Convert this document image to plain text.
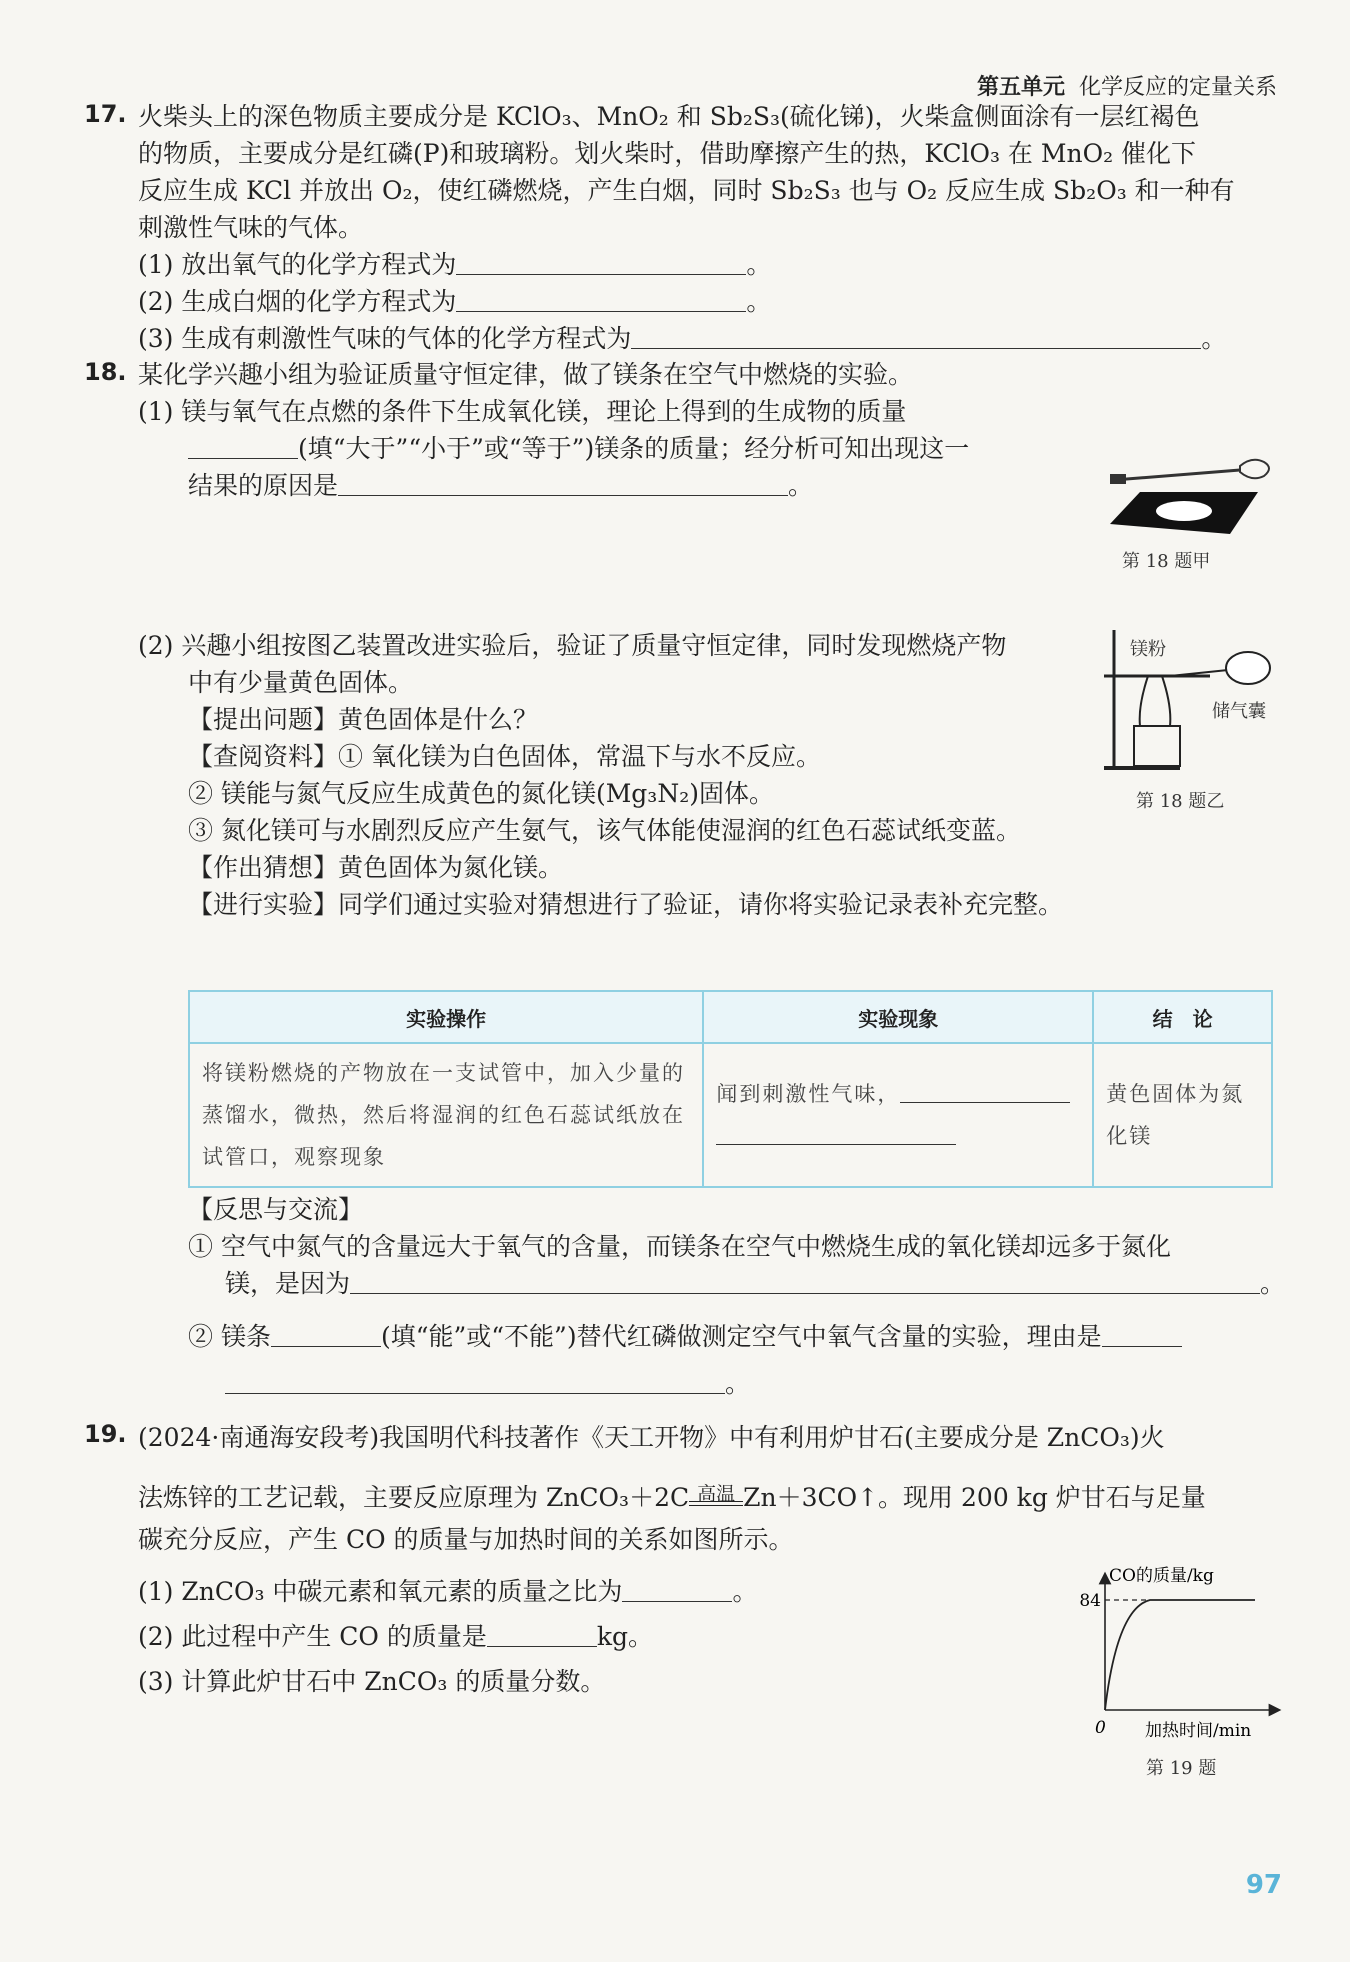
第五单元 化学反应的定量关系
17. 火柴头上的深色物质主要成分是 KClO₃、MnO₂ 和 Sb₂S₃(硫化锑)，火柴盒侧面涂有一层红褐色
的物质，主要成分是红磷(P)和玻璃粉。划火柴时，借助摩擦产生的热，KClO₃ 在 MnO₂ 催化下
反应生成 KCl 并放出 O₂，使红磷燃烧，产生白烟，同时 Sb₂S₃ 也与 O₂ 反应生成 Sb₂O₃ 和一种有
刺激性气味的气体。
(1) 放出氧气的化学方程式为	。
(2) 生成白烟的化学方程式为	。
(3) 生成有刺激性气味的气体的化学方程式为	。
18. 某化学兴趣小组为验证质量守恒定律，做了镁条在空气中燃烧的实验。
(1) 镁与氧气在点燃的条件下生成氧化镁，理论上得到的生成物的质量
(填“大于”“小于”或“等于”)镁条的质量；经分析可知出现这一
结果的原因是	。
第 18 题甲
(2) 兴趣小组按图乙装置改进实验后，验证了质量守恒定律，同时发现燃烧产物
中有少量黄色固体。
【提出问题】黄色固体是什么？
【查阅资料】① 氧化镁为白色固体，常温下与水不反应。
② 镁能与氮气反应生成黄色的氮化镁(Mg₃N₂)固体。
③ 氮化镁可与水剧烈反应产生氨气，该气体能使湿润的红色石蕊试纸变蓝。
【作出猜想】黄色固体为氮化镁。
【进行实验】同学们通过实验对猜想进行了验证，请你将实验记录表补充完整。
镁粉
储气囊
第 18 题乙
实验操作	实验现象	结　论
将镁粉燃烧的产物放在一支试管中，加入少量的蒸馏水，微热，然后将湿润的红色石蕊试纸放在试管口，观察现象	闻到刺激性气味，	黄色固体为氮化镁
【反思与交流】
① 空气中氮气的含量远大于氧气的含量，而镁条在空气中燃烧生成的氧化镁却远多于氮化
镁，是因为	。
② 镁条	(填“能”或“不能”)替代红磷做测定空气中氧气含量的实验，理由是
。
19. (2024·南通海安段考)我国明代科技著作《天工开物》中有利用炉甘石(主要成分是 ZnCO₃)火
法炼锌的工艺记载，主要反应原理为 ZnCO₃＋2C 高温 Zn＋3CO↑。现用 200 kg 炉甘石与足量
碳充分反应，产生 CO 的质量与加热时间的关系如图所示。
(1) ZnCO₃ 中碳元素和氧元素的质量之比为	。
(2) 此过程中产生 CO 的质量是	kg。
(3) 计算此炉甘石中 ZnCO₃ 的质量分数。
CO的质量/kg
84
0 加热时间/min
第 19 题
97
